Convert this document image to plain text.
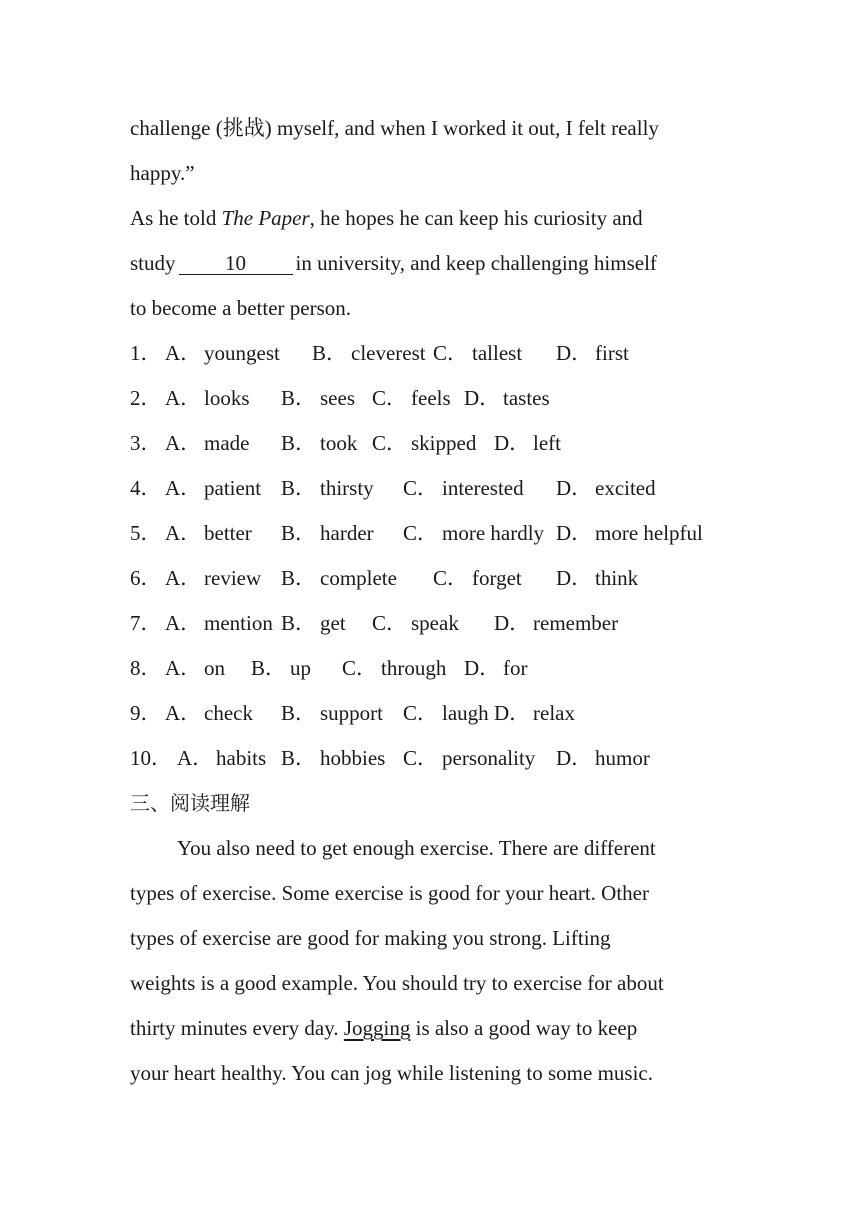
challenge (挑战) myself, and when I worked it out, I felt really
happy.”
As he told The Paper, he hopes he can keep his curiosity and
study 10 in university, and keep challenging himself
to become a better person.
1． A． youngest B． cleverest C． tallest D． first
2． A． looks B． sees C． feels D． tastes
3． A． made B． took C． skipped D． left
4． A． patient B． thirsty C． interested D． excited
5． A． better B． harder C． more hardly D． more helpful
6． A． review B． complete C． forget D． think
7． A． mention B． get C． speak D． remember
8． A． on B． up C． through D． for
9． A． check B． support C． laugh D． relax
10． A． habits B． hobbies C． personality D． humor
三、阅读理解
You also need to get enough exercise. There are different
types of exercise. Some exercise is good for your heart. Other
types of exercise are good for making you strong. Lifting
weights is a good example. You should try to exercise for about
thirty minutes every day. Jogging is also a good way to keep
your heart healthy. You can jog while listening to some music.
